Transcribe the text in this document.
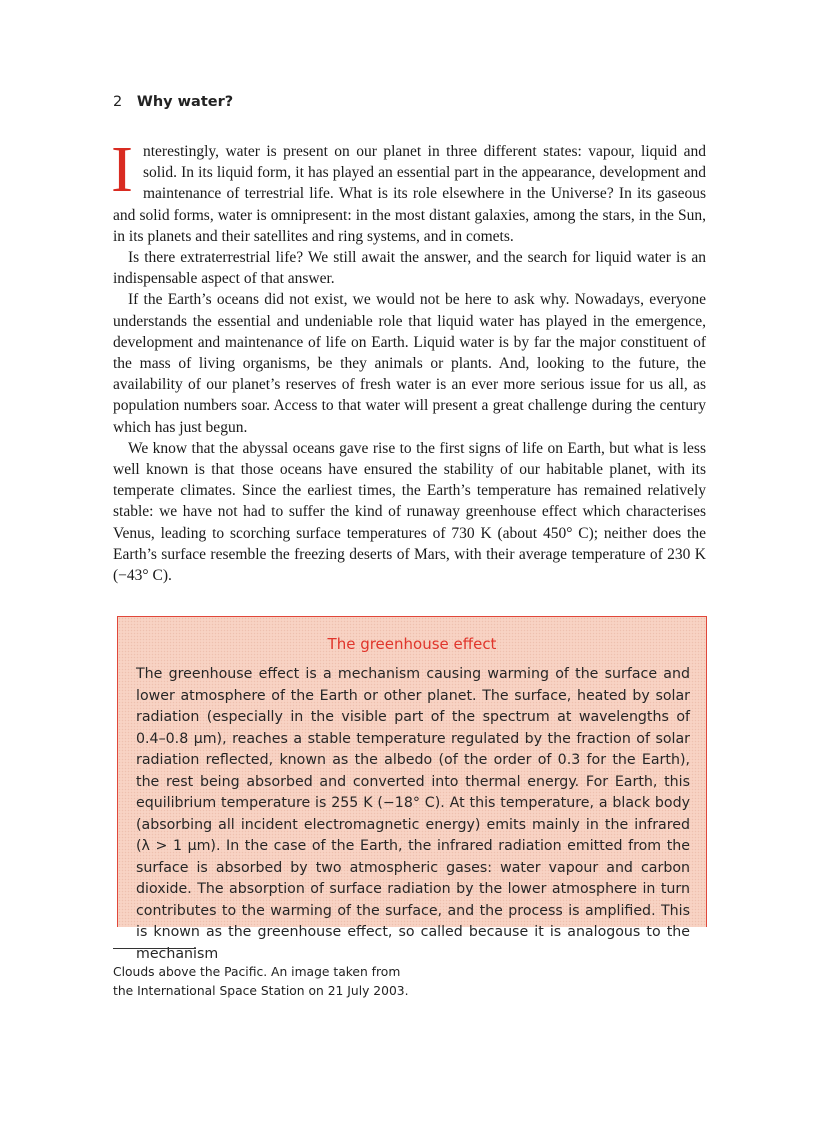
2 Why water?

Interestingly, water is present on our planet in three different states: vapour, liquid and solid. In its liquid form, it has played an essential part in the appearance, development and maintenance of terrestrial life. What is its role elsewhere in the Universe? In its gaseous and solid forms, water is omnipresent: in the most distant galaxies, among the stars, in the Sun, in its planets and their satellites and ring systems, and in comets.

Is there extraterrestrial life? We still await the answer, and the search for liquid water is an indispensable aspect of that answer.

If the Earth’s oceans did not exist, we would not be here to ask why. Nowadays, everyone understands the essential and undeniable role that liquid water has played in the emergence, development and maintenance of life on Earth. Liquid water is by far the major constituent of the mass of living organisms, be they animals or plants. And, looking to the future, the availability of our planet’s reserves of fresh water is an ever more serious issue for us all, as population numbers soar. Access to that water will present a great challenge during the century which has just begun.

We know that the abyssal oceans gave rise to the first signs of life on Earth, but what is less well known is that those oceans have ensured the stability of our habitable planet, with its temperate climates. Since the earliest times, the Earth’s temperature has remained relatively stable: we have not had to suffer the kind of runaway greenhouse effect which characterises Venus, leading to scorching surface temperatures of 730 K (about 450° C); neither does the Earth’s surface resemble the freezing deserts of Mars, with their average temperature of 230 K (−43° C).

The greenhouse effect

The greenhouse effect is a mechanism causing warming of the surface and lower atmosphere of the Earth or other planet. The surface, heated by solar radiation (especially in the visible part of the spectrum at wavelengths of 0.4–0.8 μm), reaches a stable temperature regulated by the fraction of solar radiation reflected, known as the albedo (of the order of 0.3 for the Earth), the rest being absorbed and converted into thermal energy. For Earth, this equilibrium temperature is 255 K (−18° C). At this temperature, a black body (absorbing all incident electromagnetic energy) emits mainly in the infrared (λ > 1 μm). In the case of the Earth, the infrared radiation emitted from the surface is absorbed by two atmospheric gases: water vapour and carbon dioxide. The absorption of surface radiation by the lower atmosphere in turn contributes to the warming of the surface, and the process is amplified. This is known as the greenhouse effect, so called because it is analogous to the mechanism

Clouds above the Pacific. An image taken from
the International Space Station on 21 July 2003.
